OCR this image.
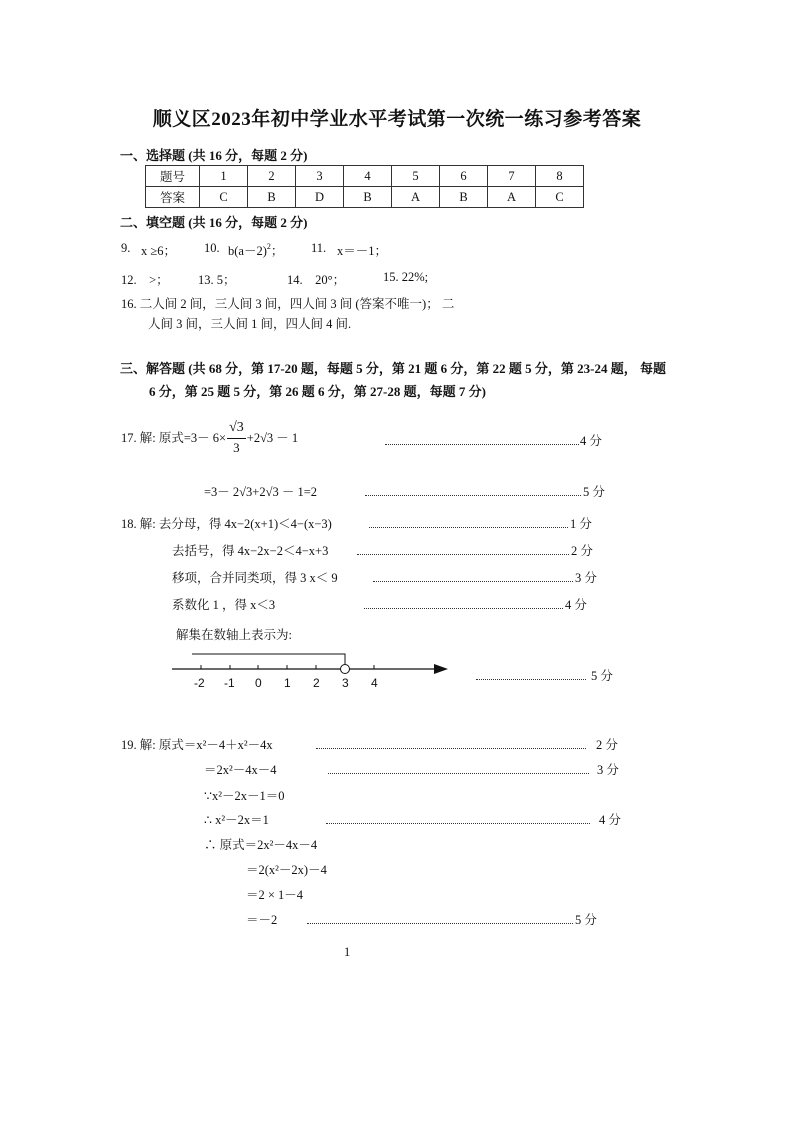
顺义区2023年初中学业水平考试第一次统一练习参考答案
一、选择题 (共 16 分，每题 2 分)
题号	1	2	3	4	5	6	7	8
答案	C	B	D	B	A	B	A	C
二、填空题 (共 16 分，每题 2 分)
9. x ≥6； 10. $b(a-2)^2$； 11. x＝－1；
12.　>； 13. 5；	14.　20°；	15. 22%;
16. 二人间 2 间，三人间 3 间，四人间 3 间 (答案不唯一)； 二
人间 3 间，三人间 1 间，四人间 4 间.
三、解答题 (共 68 分，第 17-20 题，每题 5 分，第 21 题 6 分，第 22 题 5 分，第 23-24 题， 每题
6 分，第 25 题 5 分，第 26 题 6 分，第 27-28 题，每题 7 分)
17. 解: 原式$=3- 6\times \frac{√3}{3} +2√3 - 1$	4 分
=3－ 2√3+2√3 － 1=2	5 分
18. 解: 去分母，得 4x−2(x+1)＜4−(x−3)	1 分
去括号，得 4x−2x−2＜4−x+3	2 分
移项，合并同类项，得 3 x＜ 9	3 分
系数化 1 ，得 x＜3	4 分
解集在数轴上表示为:
-2 -1 0 1 2 3 4	5 分
19. 解: 原式＝x²－4＋x²－4x	2 分
＝2x²－4x－4	3 分
∵x²－2x－1＝0
∴ x²－2x＝1	4 分
∴ 原式＝2x²－4x－4
＝2(x²－2x)－4
＝2 × 1－4
＝－2	5 分
1
